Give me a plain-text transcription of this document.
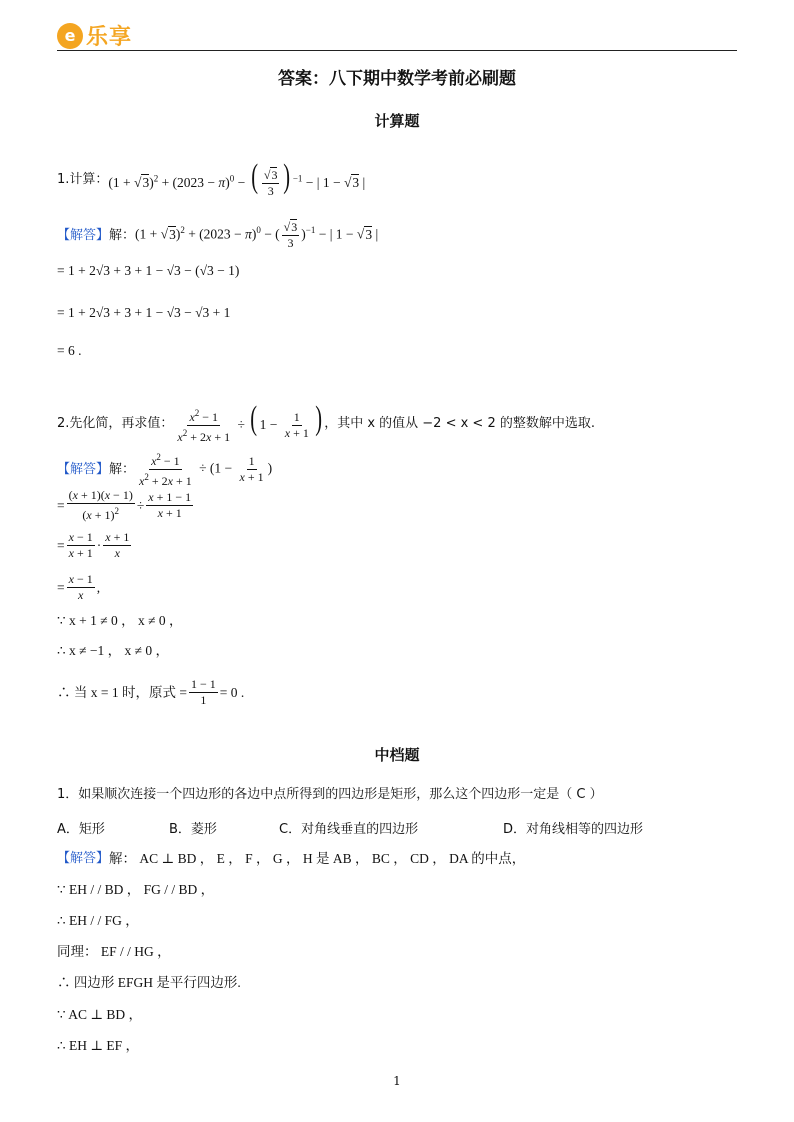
e 乐享
答案：八下期中数学考前必刷题
计算题
1.计算： $(1 + √3)^2 + (2023 - \pi)^0$ − ( $\frac{√3}{3}$ ) $^{-1}$ − | 1 − √3 |
【解答】 解： $(1 + √3)^2 + (2023 - \pi)^0$ − ( $\frac{√3}{3} )^{-1}$ − | 1 − √3 |
= 1 + 2√3 + 3 + 1 − √3 − (√3 − 1)
= 1 + 2√3 + 3 + 1 − √3 − √3 + 1
= 6 .
2.先化简，再求值： $\frac{x^2 - 1}{x^2 + 2x + 1}$ ÷ ( $1 - \frac{1}{x + 1}$ ) ，其中 x 的值从 −2 < x < 2 的整数解中选取.
【解答】 解： $\frac{x^2 - 1}{x^2 + 2x + 1} \div (1 - \frac{1}{x + 1}$ )
= $\frac{(x + 1)(x - 1)}{(x + 1)^2} \div \frac{x + 1 - 1}{x + 1}$
= $\frac{x - 1}{x + 1} \cdot \frac{x + 1}{x}$
= $\frac{x - 1}{x}$ ,
∵ x + 1 ≠ 0 ， x ≠ 0 ，
∴ x ≠ −1 ， x ≠ 0 ，
∴ 当 x = 1 时，原式 = $\frac{1 - 1}{1} = 0$ .
中档题
1．如果顺次连接一个四边形的各边中点所得到的四边形是矩形，那么这个四边形一定是（ C ）
A．矩形	B．菱形	C．对角线垂直的四边形	D．对角线相等的四边形
【解答】 解： AC ⊥ BD ， E ， F ， G ， H 是 AB ， BC ， CD ， DA 的中点，
∵ EH / / BD ， FG / / BD ，
∴ EH / / FG ，
同理： EF / / HG ，
∴ 四边形 EFGH 是平行四边形.
∵ AC ⊥ BD ，
∴ EH ⊥ EF ，
1
